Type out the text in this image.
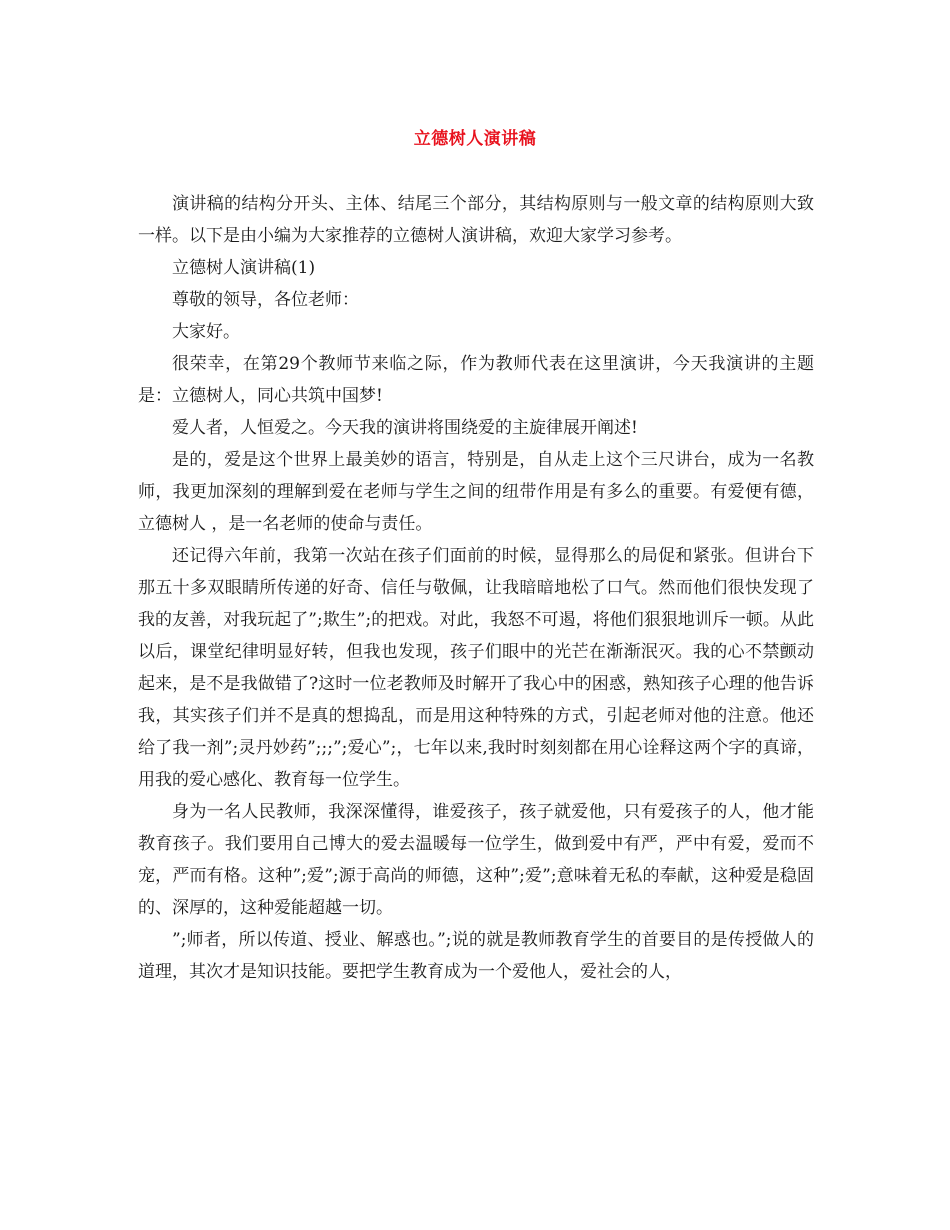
立德树人演讲稿

演讲稿的结构分开头、主体、结尾三个部分，其结构原则与一般文章的结构原则大致一样。以下是由小编为大家推荐的立德树人演讲稿，欢迎大家学习参考。

立德树人演讲稿(1)

尊敬的领导，各位老师：

大家好。

很荣幸，在第29个教师节来临之际，作为教师代表在这里演讲，今天我演讲的主题是：立德树人，同心共筑中国梦!

爱人者，人恒爱之。今天我的演讲将围绕爱的主旋律展开阐述!

是的，爱是这个世界上最美妙的语言，特别是，自从走上这个三尺讲台，成为一名教师，我更加深刻的理解到爱在老师与学生之间的纽带作用是有多么的重要。有爱便有德，立德树人 ，是一名老师的使命与责任。

还记得六年前，我第一次站在孩子们面前的时候，显得那么的局促和紧张。但讲台下那五十多双眼睛所传递的好奇、信任与敬佩，让我暗暗地松了口气。然而他们很快发现了我的友善，对我玩起了”;欺生”;的把戏。对此，我怒不可遏，将他们狠狠地训斥一顿。从此以后，课堂纪律明显好转，但我也发现，孩子们眼中的光芒在渐渐泯灭。我的心不禁颤动起来，是不是我做错了?这时一位老教师及时解开了我心中的困惑，熟知孩子心理的他告诉我，其实孩子们并不是真的想捣乱，而是用这种特殊的方式，引起老师对他的注意。他还给了我一剂”;灵丹妙药”;;;”;爱心”;，七年以来,我时时刻刻都在用心诠释这两个字的真谛，用我的爱心感化、教育每一位学生。

身为一名人民教师，我深深懂得，谁爱孩子，孩子就爱他，只有爱孩子的人，他才能教育孩子。我们要用自己博大的爱去温暖每一位学生，做到爱中有严，严中有爱，爱而不宠，严而有格。这种”;爱”;源于高尚的师德，这种”;爱”;意味着无私的奉献，这种爱是稳固的、深厚的，这种爱能超越一切。

”;师者，所以传道、授业、解惑也。”;说的就是教师教育学生的首要目的是传授做人的道理，其次才是知识技能。要把学生教育成为一个爱他人，爱社会的人，
